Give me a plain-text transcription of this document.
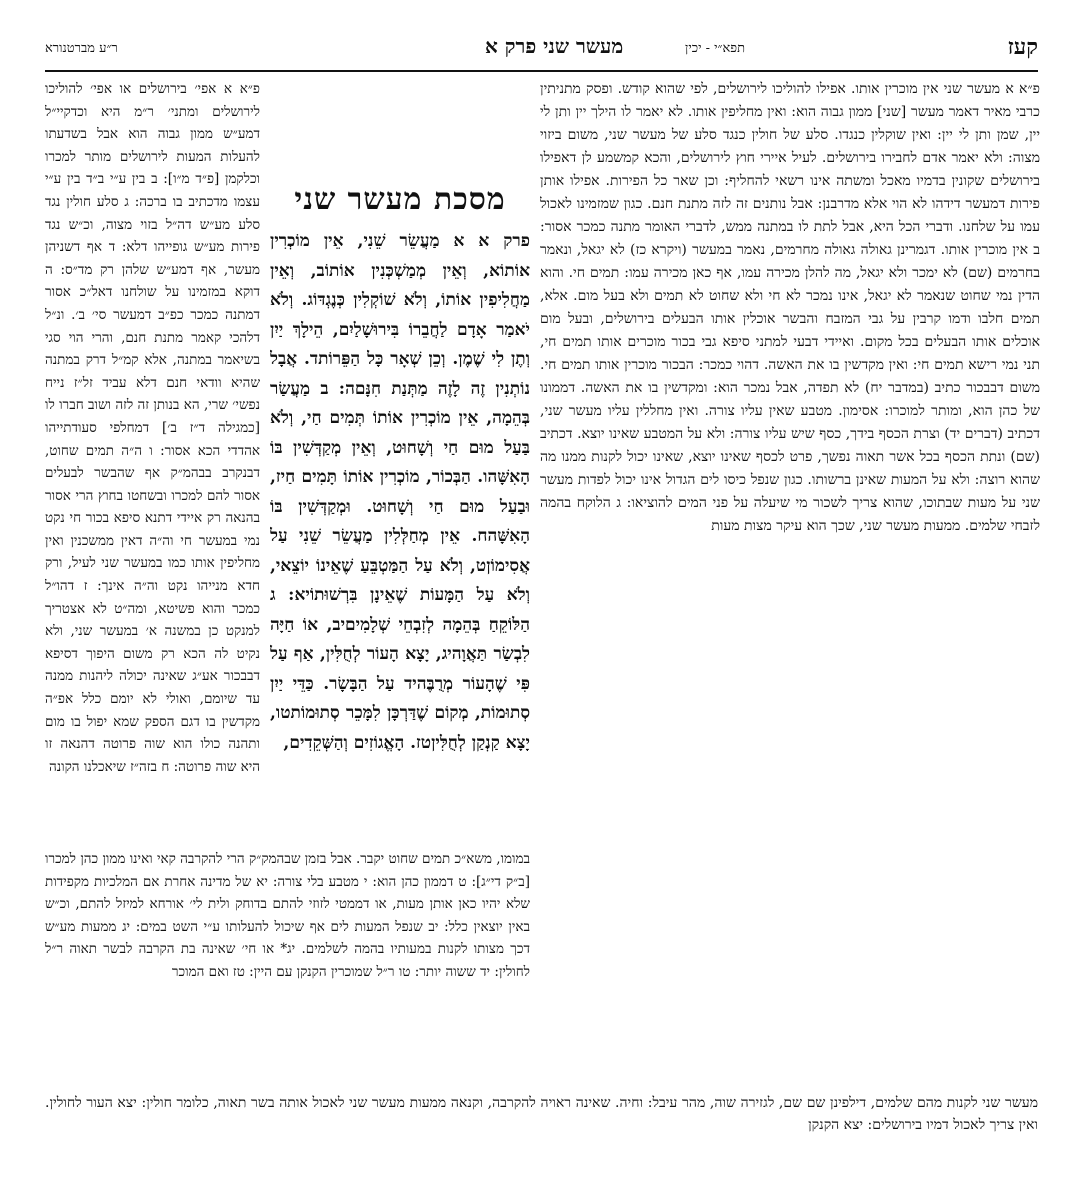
קעז
תפא״י - יכין
מעשר שני פרק א
ר״ע מברטנורא

פ״א א אפי׳ בירושלים או אפי׳ להוליכו לירושלים ומתני׳ ר״מ היא וכדקיי״ל דמע״ש ממון גבוה הוא אבל בשדעתו להעלות המעות לירושלים מותר למכרו וכלקמן [פ״ד מ״ו]: ב בין ע״י ב״ד בין ע״י עצמו מדכתיב בו ברכה: ג סלע חולין נגד סלע מע״ש דה״ל בזוי מצוה, וכ״ש נגד פירות מע״ש גופייהו דלא: ד אף דשניהן מעשר, אף דמע״ש שלהן רק מד״ס: ה דוקא במזמינו על שולחנו דאל״כ אסור דמתנה כמכר כפ״ב דמעשר סי׳ ב׳. ונ״ל דלהכי קאמר מתנת חנם, והרי הוי סגי בשיאמר במתנה, אלא קמ״ל דרק במתנה שהיא וודאי חנם דלא עביד זל״ז נייח נפשי׳ שרי, הא בנותן זה לזה ושוב חברו לו [כמגילה ד״ז ב׳] דמחלפי סעודתייהו אהדדי הכא אסור: ו ה״ה תמים שחוט, דבנקרב בבהמ״ק אף שהבשר לבעלים אסור להם למכרו ובשחטו בחוץ הרי אסור בהנאה רק איידי דתנא סיפא בכור חי נקט נמי במעשר חי וה״ה דאין ממשכנין ואין מחליפין אותו כמו במעשר שני לעיל, ורק חדא מנייהו נקט וה״ה אינך: ז דהו״ל כמכר והוא פשיטא, ומה״ט לא אצטריך למנקט כן במשנה א׳ במעשר שני, ולא נקיט לה הכא רק משום היפוך דסיפא דבבכור אע״ג שאינה יכולה ליהנות ממנה עד שיומם, ואולי לא יומם כלל אפ״ה מקדשין בו דגם הספק שמא יפול בו מום ותהנה כולו הוא שוה פרוטה דהנאה זו היא שוה פרוטה: ח בזה״ז שיאכלנו הקונה

מסכת מעשר שני

פרק א א מַעֲשֵׂר שֵׁנִי, אֵין מוֹכְרִין אוֹתוֹא, וְאֵין מְמַשְׁכְּנִין אוֹתוֹב, וְאֵין מַחֲלִיפִין אוֹתוֹ, וְלֹא שׁוֹקְלִין כְּנֶגְדּוֹג. וְלֹא יֹאמַר אָדָם לַחֲבֵרוֹ בִּירוּשָׁלַיִם, הֵילָךְ יַיִן וְתֶן לִי שֶׁמֶן. וְכֵן שְׁאָר כָּל הַפֵּרוֹתד. אֲבָל נוֹתְנִין זֶה לָזֶה מַתְּנַת חִנָּםה: ב מַעֲשַׂר בְּהֵמָה, אֵין מוֹכְרִין אוֹתוֹ תְּמִים חַי, וְלֹא בַּעַל מוּם חַי וְשָׁחוּט, וְאֵין מְקַדְּשִׁין בּוֹ הָאִשָּׁהו. הַבְּכוֹר, מוֹכְרִין אוֹתוֹ תָּמִים חַיז, וּבַעַל מוּם חַי וְשָׁחוּט. וּמְקַדְּשִׁין בּוֹ הָאִשָּׁהח. אֵין מְחַלְּלִין מַעֲשֵׂר שֵׁנִי עַל אֲסִימוֹןט, וְלֹא עַל הַמַּטְבֵּעַ שֶׁאֵינוֹ יוֹצֵאי, וְלֹא עַל הַמָּעוֹת שֶׁאֵינָן בִּרְשׁוּתוֹיא: ג הַלּוֹקֵחַ בְּהֵמָה לְזִבְחֵי שְׁלָמִיםיב, אוֹ חַיָּה לִבְשַׂר תַּאֲוָהיג, יָצָא הָעוֹר לְחֻלִּין, אַף עַל פִּי שֶׁהָעוֹר מְרֻבֶּהיד עַל הַבָּשָׂר. כַּדֵּי יַיִן סְתוּמוֹת, מְקוֹם שֶׁדַּרְכָּן לִמָּכֵר סְתוּמוֹתטו, יָצָא קַנְקַן לְחֻלִּיןטז. הָאֱגוֹזִים וְהַשְּׁקֵדִים,

פ״א א מעשר שני אין מוכרין אותו. אפילו להוליכו לירושלים, לפי שהוא קודש. ופסק מתניתין כרבי מאיר דאמר מעשר [שני] ממון גבוה הוא: ואין מחליפין אותו. לא יאמר לו הילך יין ותן לי יין, שמן ותן לי יין: ואין שוקלין כנגדו. סלע של חולין כנגד סלע של מעשר שני, משום ביזוי מצוה: ולא יאמר אדם לחבירו בירושלים. לעיל איירי חוץ לירושלים, והכא קמשמע לן דאפילו בירושלים שקונין בדמיו מאכל ומשתה אינו רשאי להחליף: וכן שאר כל הפירות. אפילו אותן פירות דמעשר דידהו לא הוי אלא מדרבנן: אבל נותנים זה לזה מתנת חנם. כגון שמזמינו לאכול עמו על שלחנו. ודברי הכל היא, אבל לתת לו במתנה ממש, לדברי האומר מתנה כמכר אסור: ב אין מוכרין אותו. דגמרינן גאולה גאולה מחרמים, נאמר במעשר (ויקרא כז) לא יגאל, ונאמר בחרמים (שם) לא ימכר ולא יגאל, מה להלן מכירה עמו, אף כאן מכירה עמו: תמים חי. והוא הדין נמי שחוט שנאמר לא יגאל, אינו נמכר לא חי ולא שחוט לא תמים ולא בעל מום. אלא, תמים חלבו ודמו קרבין על גבי המזבח והבשר אוכלין אותו הבעלים בירושלים, ובעל מום אוכלים אותו הבעלים בכל מקום. ואיידי דבעי למתני סיפא גבי בכור מוכרים אותו תמים חי, תני נמי רישא תמים חי: ואין מקדשין בו את האשה. דהוי כמכר: הבכור מוכרין אותו תמים חי. משום דבבכור כתיב (במדבר יח) לא תפדה, אבל נמכר הוא: ומקדשין בו את האשה. דממונו של כהן הוא, ומותר למוכרו: אסימון. מטבע שאין עליו צורה. ואין מחללין עליו מעשר שני, דכתיב (דברים יד) וצרת הכסף בידך, כסף שיש עליו צורה: ולא על המטבע שאינו יוצא. דכתיב (שם) ונתת הכסף בכל אשר תאוה נפשך, פרט לכסף שאינו יוצא, שאינו יכול לקנות ממנו מה שהוא רוצה: ולא על המעות שאינן ברשותו. כגון שנפל כיסו לים הגדול אינו יכול לפדות מעשר שני על מעות שבתוכו, שהוא צריך לשכור מי שיעלה על פני המים להוציאו: ג הלוקח בהמה לזבחי שלמים. ממעות מעשר שני, שכך הוא עיקר מצות מעות

במומו, משא״כ תמים שחוט יקבר. אבל בזמן שבהמק״ק הרי להקרבה קאי ואינו ממון כהן למכרו [ב״ק די״ג]: ט דממון כהן הוא: י מטבע בלי צורה: יא של מדינה אחרת אם המלכיות מקפידות שלא יהיו כאן אותן מעות, או דממטי לזוזי להתם בדוחק ולית לי׳ אורחא למיזל להתם, וכ״ש באין יוצאין כלל: יב שנפל המעות לים אף שיכול להעלותו ע״י השט במים: יג ממעות מע״ש דכך מצותו לקנות במעותיו בהמה לשלמים. יג* או חי׳ שאינה בת הקרבה לבשר תאוה ר״ל לחולין: יד ששוה יותר: טו ר״ל שמוכרין הקנקן עם היין: טז ואם המוכר

מעשר שני לקנות מהם שלמים, דילפינן שם שם, לגזירה שוה, מהר עיבל: וחיה. שאינה ראויה להקרבה, וקנאה ממעות מעשר שני לאכול אותה בשר תאוה, כלומר חולין: יצא העור לחולין. ואין צריך לאכול דמיו בירושלים: יצא הקנקן
